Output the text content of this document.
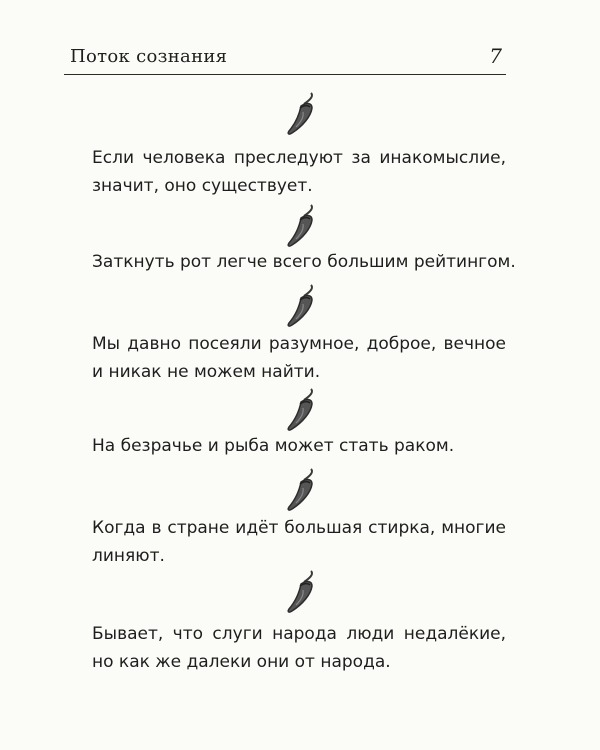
Поток сознания	7
Если человека преследуют за инакомыслие, значит, оно существует.
Заткнуть рот легче всего большим рейтингом.
Мы давно посеяли разумное, доброе, вечное и никак не можем найти.
На безрачье и рыба может стать раком.
Когда в стране идёт большая стирка, многие линяют.
Бывает, что слуги народа люди недалёкие, но как же далеки они от народа.
